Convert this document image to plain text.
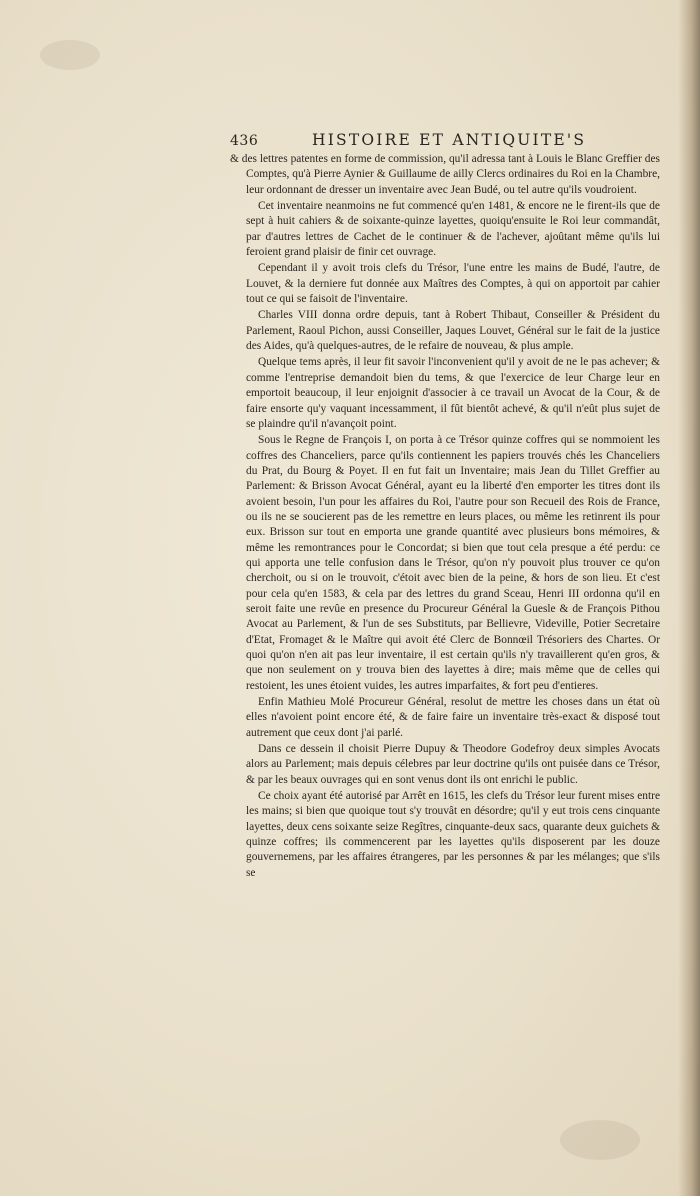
436	HISTOIRE ET ANTIQUITE'S

& des lettres patentes en forme de commission, qu'il adressa tant à Louis le Blanc Greffier des Comptes, qu'à Pierre Aynier & Guillaume de ailly Clercs ordinaires du Roi en la Chambre, leur ordonnant de dresser un inventaire avec Jean Budé, ou tel autre qu'ils voudroient.

Cet inventaire neanmoins ne fut commencé qu'en 1481, & encore ne le firent-ils que de sept à huit cahiers & de soixante-quinze layettes, quoiqu'ensuite le Roi leur commandât, par d'autres lettres de Cachet de le continuer & de l'achever, ajoûtant même qu'ils lui feroient grand plaisir de finir cet ouvrage.

Cependant il y avoit trois clefs du Trésor, l'une entre les mains de Budé, l'autre, de Louvet, & la derniere fut donnée aux Maîtres des Comptes, à qui on apportoit par cahier tout ce qui se faisoit de l'inventaire.

Charles VIII donna ordre depuis, tant à Robert Thibaut, Conseiller & Président du Parlement, Raoul Pichon, aussi Conseiller, Jaques Louvet, Général sur le fait de la justice des Aides, qu'à quelques-autres, de le refaire de nouveau, & plus ample.

Quelque tems après, il leur fit savoir l'inconvenient qu'il y avoit de ne le pas achever; & comme l'entreprise demandoit bien du tems, & que l'exercice de leur Charge leur en emportoit beaucoup, il leur enjoignit d'associer à ce travail un Avocat de la Cour, & de faire ensorte qu'y vaquant incessamment, il fût bientôt achevé, & qu'il n'eût plus sujet de se plaindre qu'il n'avançoit point.

Sous le Regne de François I, on porta à ce Trésor quinze coffres qui se nommoient les coffres des Chanceliers, parce qu'ils contiennent les papiers trouvés chés les Chanceliers du Prat, du Bourg & Poyet. Il en fut fait un Inventaire; mais Jean du Tillet Greffier au Parlement: & Brisson Avocat Général, ayant eu la liberté d'en emporter les titres dont ils avoient besoin, l'un pour les affaires du Roi, l'autre pour son Recueil des Rois de France, ou ils ne se soucierent pas de les remettre en leurs places, ou même les retinrent ils pour eux. Brisson sur tout en emporta une grande quantité avec plusieurs bons mémoires, & même les remontrances pour le Concordat; si bien que tout cela presque a été perdu: ce qui apporta une telle confusion dans le Trésor, qu'on n'y pouvoit plus trouver ce qu'on cherchoit, ou si on le trouvoit, c'étoit avec bien de la peine, & hors de son lieu. Et c'est pour cela qu'en 1583, & cela par des lettres du grand Sceau, Henri III ordonna qu'il en seroit faite une revûe en presence du Procureur Général la Guesle & de François Pithou Avocat au Parlement, & l'un de ses Substituts, par Bellievre, Videville, Potier Secretaire d'Etat, Fromaget & le Maître qui avoit été Clerc de Bonnœil Trésoriers des Chartes. Or quoi qu'on n'en ait pas leur inventaire, il est certain qu'ils n'y travaillerent qu'en gros, & que non seulement on y trouva bien des layettes à dire; mais même que de celles qui restoient, les unes étoient vuides, les autres imparfaites, & fort peu d'entieres.

Enfin Mathieu Molé Procureur Général, resolut de mettre les choses dans un état où elles n'avoient point encore été, & de faire faire un inventaire très-exact & disposé tout autrement que ceux dont j'ai parlé.

Dans ce dessein il choisit Pierre Dupuy & Theodore Godefroy deux simples Avocats alors au Parlement; mais depuis célebres par leur doctrine qu'ils ont puisée dans ce Trésor, & par les beaux ouvrages qui en sont venus dont ils ont enrichi le public.

Ce choix ayant été autorisé par Arrêt en 1615, les clefs du Trésor leur furent mises entre les mains; si bien que quoique tout s'y trouvât en désordre; qu'il y eut trois cens cinquante layettes, deux cens soixante seize Regîtres, cinquante-deux sacs, quarante deux guichets & quinze coffres; ils commencerent par les layettes qu'ils disposerent par les douze gouvernemens, par les affaires étrangeres, par les personnes & par les mélanges; que s'ils se
